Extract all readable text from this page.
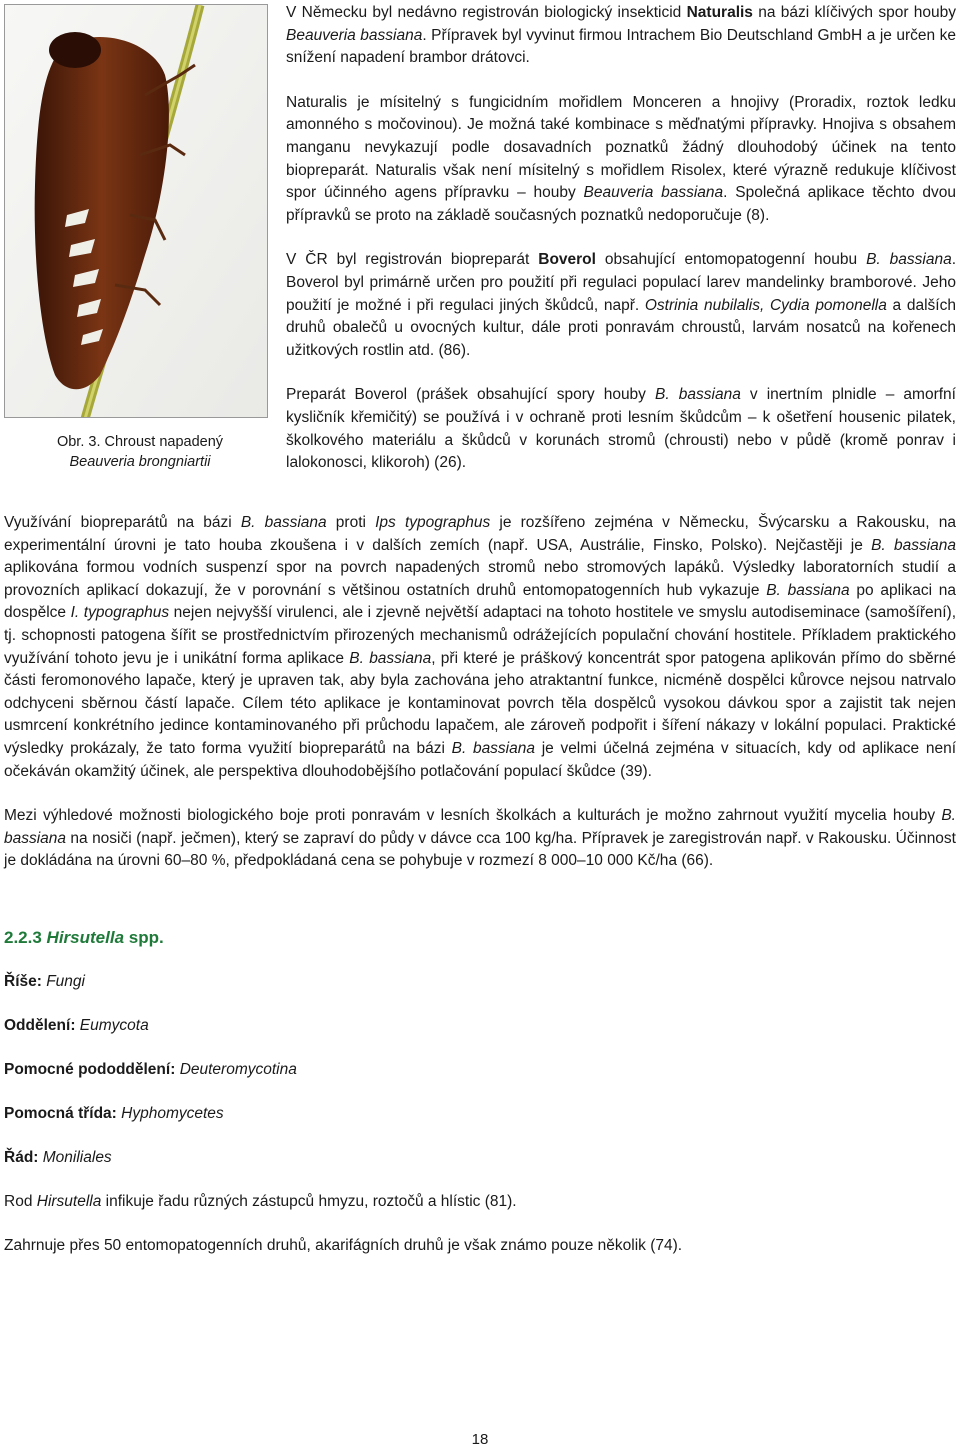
Obr. 3. Chroust napadený
Beauveria brongniartii

V Německu byl nedávno registrován biologický insekticid Naturalis na bázi klíčivých spor houby Beauveria bassiana. Přípravek byl vyvinut firmou Intrachem Bio Deutschland GmbH a je určen ke snížení napadení brambor drátovci.

Naturalis je mísitelný s fungicidním mořidlem Monceren a hnojivy (Proradix, roztok ledku amonného s močovinou). Je možná také kombinace s měďnatými přípravky. Hnojiva s obsahem manganu nevykazují podle dosavadních poznatků žádný dlouhodobý účinek na tento biopreparát. Naturalis však není mísitelný s mořidlem Risolex, které výrazně redukuje klíčivost spor účinného agens přípravku – houby Beauveria bassiana. Společná aplikace těchto dvou přípravků se proto na základě současných poznatků nedoporučuje (8).

V ČR byl registrován biopreparát Boverol obsahující entomopatogenní houbu B. bassiana. Boverol byl primárně určen pro použití při regulaci populací larev mandelinky bramborové. Jeho použití je možné i při regulaci jiných škůdců, např. Ostrinia nubilalis, Cydia pomonella a dalších druhů obalečů u ovocných kultur, dále proti ponravám chroustů, larvám nosatců na kořenech užitkových rostlin atd. (86).

Preparát Boverol (prášek obsahující spory houby B. bassiana v inertním plnidle – amorfní kysličník křemičitý) se používá i v ochraně proti lesním škůdcům – k ošetření housenic pilatek, školkového materiálu a škůdců v korunách stromů (chrousti) nebo v půdě (kromě ponrav i lalokonosci, klikoroh) (26).

Využívání biopreparátů na bázi B. bassiana proti Ips typographus je rozšířeno zejména v Německu, Švýcarsku a Rakousku, na experimentální úrovni je tato houba zkoušena i v dalších zemích (např. USA, Austrálie, Finsko, Polsko). Nejčastěji je B. bassiana aplikována formou vodních suspenzí spor na povrch napadených stromů nebo stromových lapáků. Výsledky laboratorních studií a provozních aplikací dokazují, že v porovnání s většinou ostatních druhů entomopatogenních hub vykazuje B. bassiana po aplikaci na dospělce I. typographus nejen nejvyšší virulenci, ale i zjevně největší adaptaci na tohoto hostitele ve smyslu autodiseminace (samošíření), tj. schopnosti patogena šířit se prostřednictvím přirozených mechanismů odrážejících populační chování hostitele. Příkladem praktického využívání tohoto jevu je i unikátní forma aplikace B. bassiana, při které je práškový koncentrát spor patogena aplikován přímo do sběrné části feromonového lapače, který je upraven tak, aby byla zachována jeho atraktantní funkce, nicméně dospělci kůrovce nejsou natrvalo odchyceni sběrnou částí lapače. Cílem této aplikace je kontaminovat povrch těla dospělců vysokou dávkou spor a zajistit tak nejen usmrcení konkrétního jedince kontaminovaného při průchodu lapačem, ale zároveň podpořit i šíření nákazy v lokální populaci. Praktické výsledky prokázaly, že tato forma využití biopreparátů na bázi B. bassiana je velmi účelná zejména v situacích, kdy od aplikace není očekáván okamžitý účinek, ale perspektiva dlouhodobějšího potlačování populací škůdce (39).

Mezi výhledové možnosti biologického boje proti ponravám v lesních školkách a kulturách je možno zahrnout využití mycelia houby B. bassiana na nosiči (např. ječmen), který se zapraví do půdy v dávce cca 100 kg/ha. Přípravek je zaregistrován např. v Rakousku. Účinnost je dokládána na úrovni 60–80 %, předpokládaná cena se pohybuje v rozmezí 8 000–10 000 Kč/ha (66).

2.2.3 Hirsutella spp.
Říše: Fungi
Oddělení: Eumycota
Pomocné pododdělení: Deuteromycotina
Pomocná třída: Hyphomycetes
Řád: Moniliales
Rod Hirsutella infikuje řadu různých zástupců hmyzu, roztočů a hlístic (81).
Zahrnuje přes 50 entomopatogenních druhů, akarifágních druhů je však známo pouze několik (74).
18
